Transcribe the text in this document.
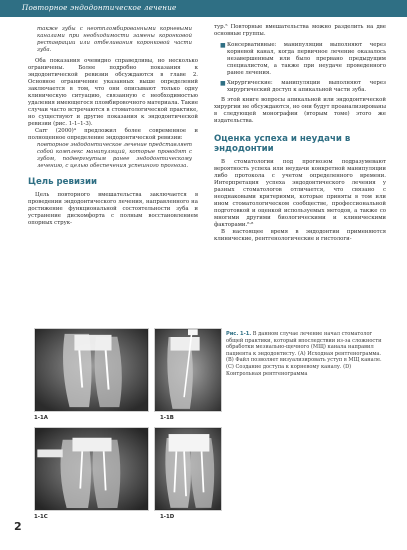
Повторное эндодонтическое лечение

также зубы с неотпломбированными корневыми каналами при необходимости замены коронковой реставрации или отбеливания коронковой части зуба.

Оба показания очевидно справедливы, но несколько ограничены. Более подробно показания к эндодонтической ревизии обсуждаются в главе 2. Основное ограничение указанных выше определений заключается в том, что они описывают только одну клиническую ситуацию, связанную с необходимостью удаления имеющегося пломбировочного материала. Такие случаи часто встречаются в стоматологической практике, но существуют и другие показания к эндодонтической ревизии (рис. 1-1–1-3).

Carr (2000)⁴ предложил более современное и полноценное определение эндодонтической ревизии:

повторное эндодонтическое лечение представляет собой комплекс манипуляций, которые проводят с зубом, подвергнутым ранее эндодонтическому лечению, с целью обеспечения успешного прогноза.

Цель ревизии

Цель повторного вмешательства заключается в проведении эндодонтического лечения, направленного на достижение функциональной состоятельности зуба и устранение дискомфорта с полным восстановлением опорных струк-

тур.⁵ Повторные вмешательства можно разделить на две основные группы.

■ Консервативные: манипуляции выполняют через корневой канал, когда первичное лечение оказалось незавершенным или было прервано предыдущим специалистом, а также при неудаче проведенного ранее лечения.
■ Хирургические: манипуляции выполняют через хирургический доступ к апикальной части зуба.

В этой книге вопросы апикальной или эндодонтической хирургии не обсуждаются, но они будут проанализированы в следующей монографии (вторым томе) этого же издательства.

Оценка успеха и неудачи в эндодонтии

В стоматологии под прогнозом подразумевают вероятность успеха или неудачи конкретной манипуляции либо протокола с учетом определенного времени. Интерпретация успеха эндодонтического лечения у разных стоматологов отличается, что связано с неоднаковыми критериями, которые приняты в том или ином стоматологическом сообществе, профессиональной подготовкой и оценкой используемых методов, а также со многими другими биологическими и клиническими факторами.⁶·⁸

В настоящее время в эндодонтии применяются клинические, рентгенологические и гистологи-

1-1A	1-1B
1-1C	1-1D
Рис. 1-1. В данном случае лечение начал стоматолог общей практики, который впоследствии из-за сложности обработки мезиально-щечного (МЩ) канала направил пациента к эндодонтисту. (A) Исходная рентгенограмма. (B) Файл позволяет визуализировать уступ в МЩ канале. (C) Создание доступа к корневому каналу. (D) Контрольная рентгенограмма
2
